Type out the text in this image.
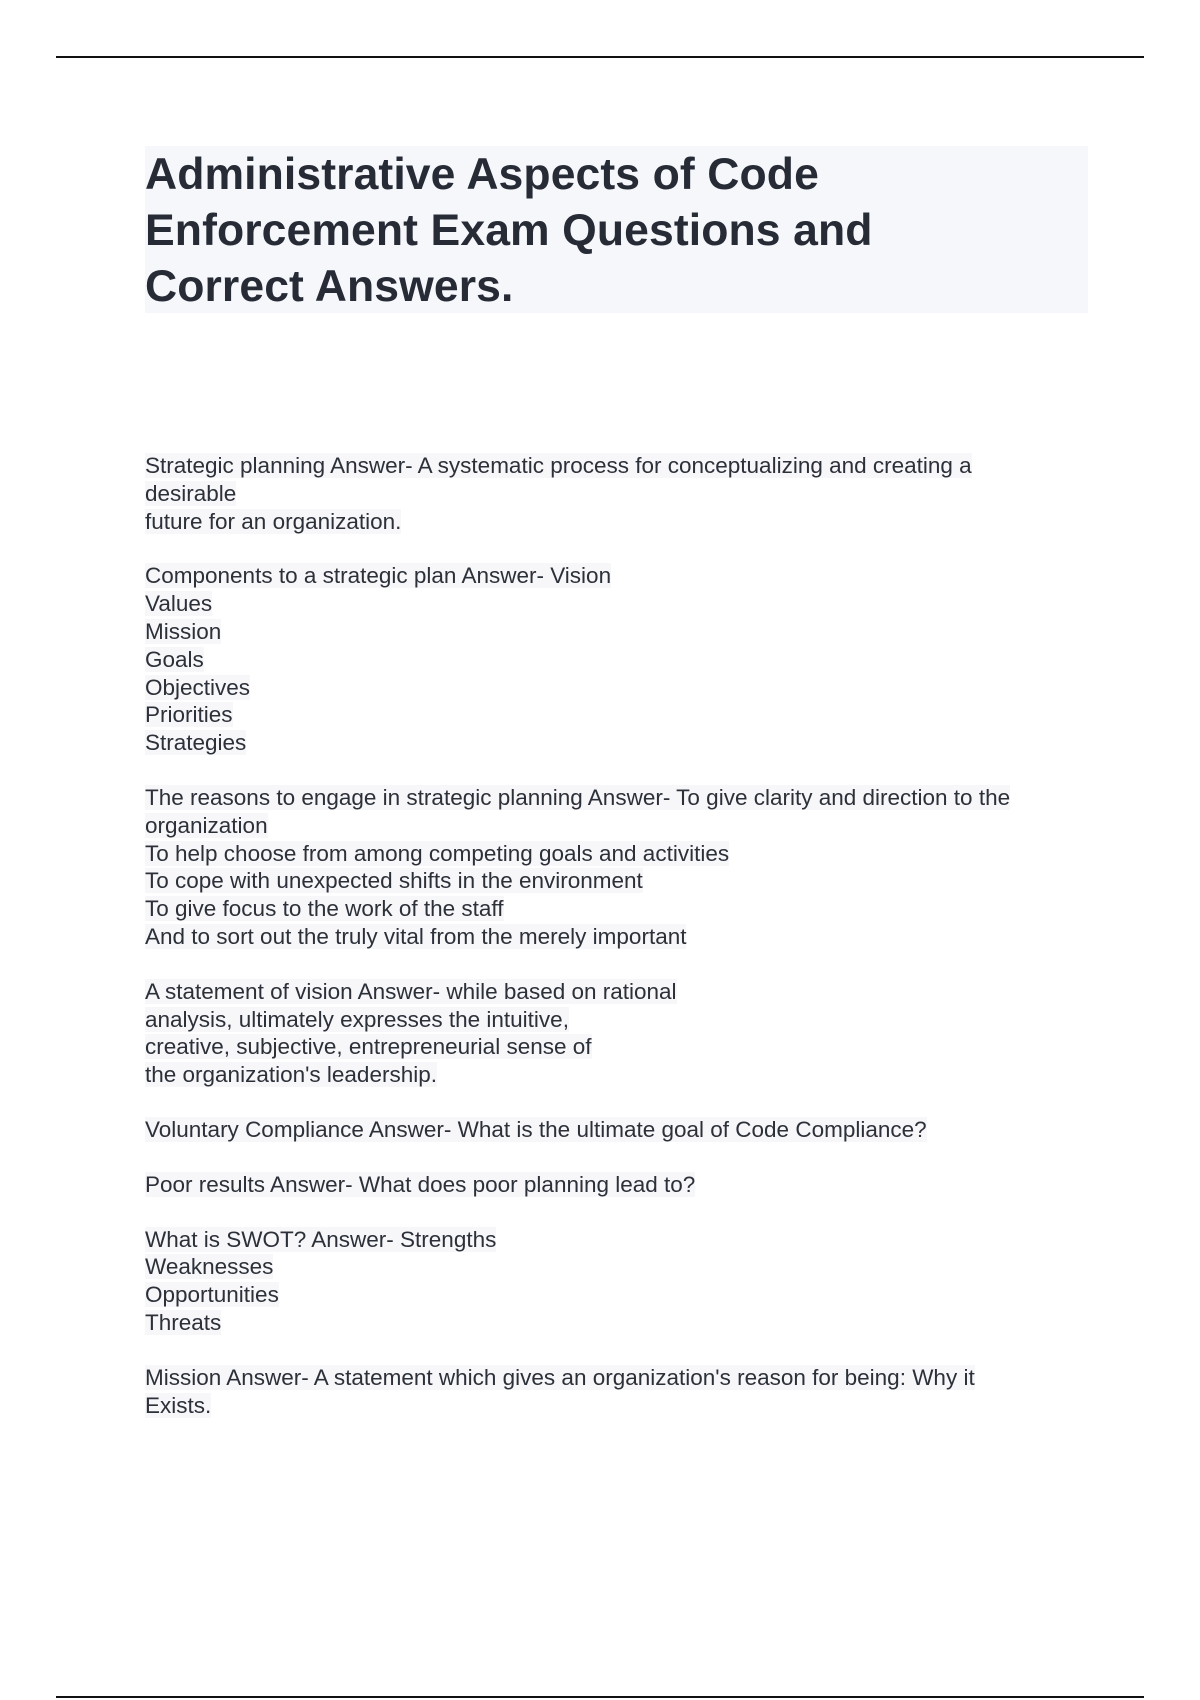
Administrative Aspects of Code
Enforcement Exam Questions and
Correct Answers.
Strategic planning Answer- A systematic process for conceptualizing and creating a
desirable
future for an organization.
Components to a strategic plan Answer- Vision
Values
Mission
Goals
Objectives
Priorities
Strategies
The reasons to engage in strategic planning Answer- To give clarity and direction to the
organization
To help choose from among competing goals and activities
To cope with unexpected shifts in the environment
To give focus to the work of the staff
And to sort out the truly vital from the merely important
A statement of vision Answer- while based on rational
analysis, ultimately expresses the intuitive,
creative, subjective, entrepreneurial sense of
the organization's leadership.
Voluntary Compliance Answer- What is the ultimate goal of Code Compliance?
Poor results Answer- What does poor planning lead to?
What is SWOT? Answer- Strengths
Weaknesses
Opportunities
Threats
Mission Answer- A statement which gives an organization's reason for being: Why it
Exists.
